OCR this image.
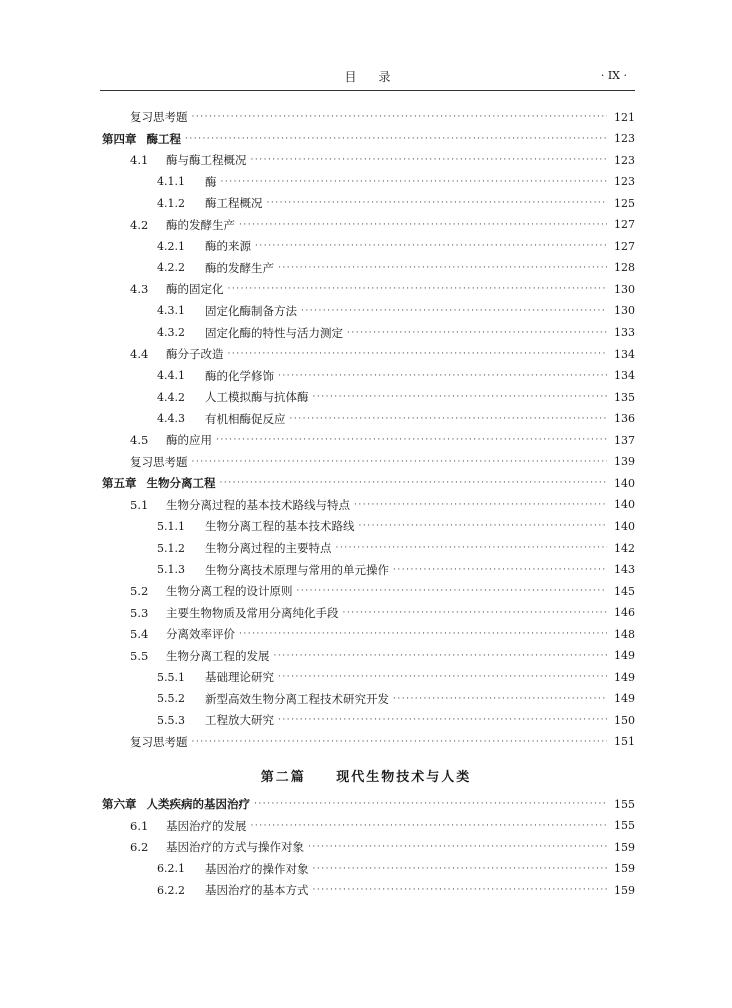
目录	· IX ·
复习思考题 ·····	121
第四章 酶工程 ·····	123
4.1	酶与酶工程概况 ·····	123
4.1.1	酶 ·····	123
4.1.2	酶工程概况 ·····	125
4.2	酶的发酵生产 ·····	127
4.2.1	酶的来源 ·····	127
4.2.2	酶的发酵生产 ·····	128
4.3	酶的固定化 ·····	130
4.3.1	固定化酶制备方法 ·····	130
4.3.2	固定化酶的特性与活力测定 ·····	133
4.4	酶分子改造 ·····	134
4.4.1	酶的化学修饰 ·····	134
4.4.2	人工模拟酶与抗体酶 ·····	135
4.4.3	有机相酶促反应 ·····	136
4.5	酶的应用 ·····	137
复习思考题 ·····	139
第五章 生物分离工程 ·····	140
5.1	生物分离过程的基本技术路线与特点 ·····	140
5.1.1	生物分离工程的基本技术路线 ·····	140
5.1.2	生物分离过程的主要特点 ·····	142
5.1.3	生物分离技术原理与常用的单元操作 ·····	143
5.2	生物分离工程的设计原则 ·····	145
5.3	主要生物物质及常用分离纯化手段 ·····	146
5.4	分离效率评价 ·····	148
5.5	生物分离工程的发展 ·····	149
5.5.1	基础理论研究 ·····	149
5.5.2	新型高效生物分离工程技术研究开发 ·····	149
5.5.3	工程放大研究 ·····	150
复习思考题 ·····	151
第六章 人类疾病的基因治疗 ·····	155
6.1	基因治疗的发展 ·····	155
6.2	基因治疗的方式与操作对象 ·····	159
6.2.1	基因治疗的操作对象 ·····	159
6.2.2	基因治疗的基本方式 ·····	159
第二篇 现代生物技术与人类
